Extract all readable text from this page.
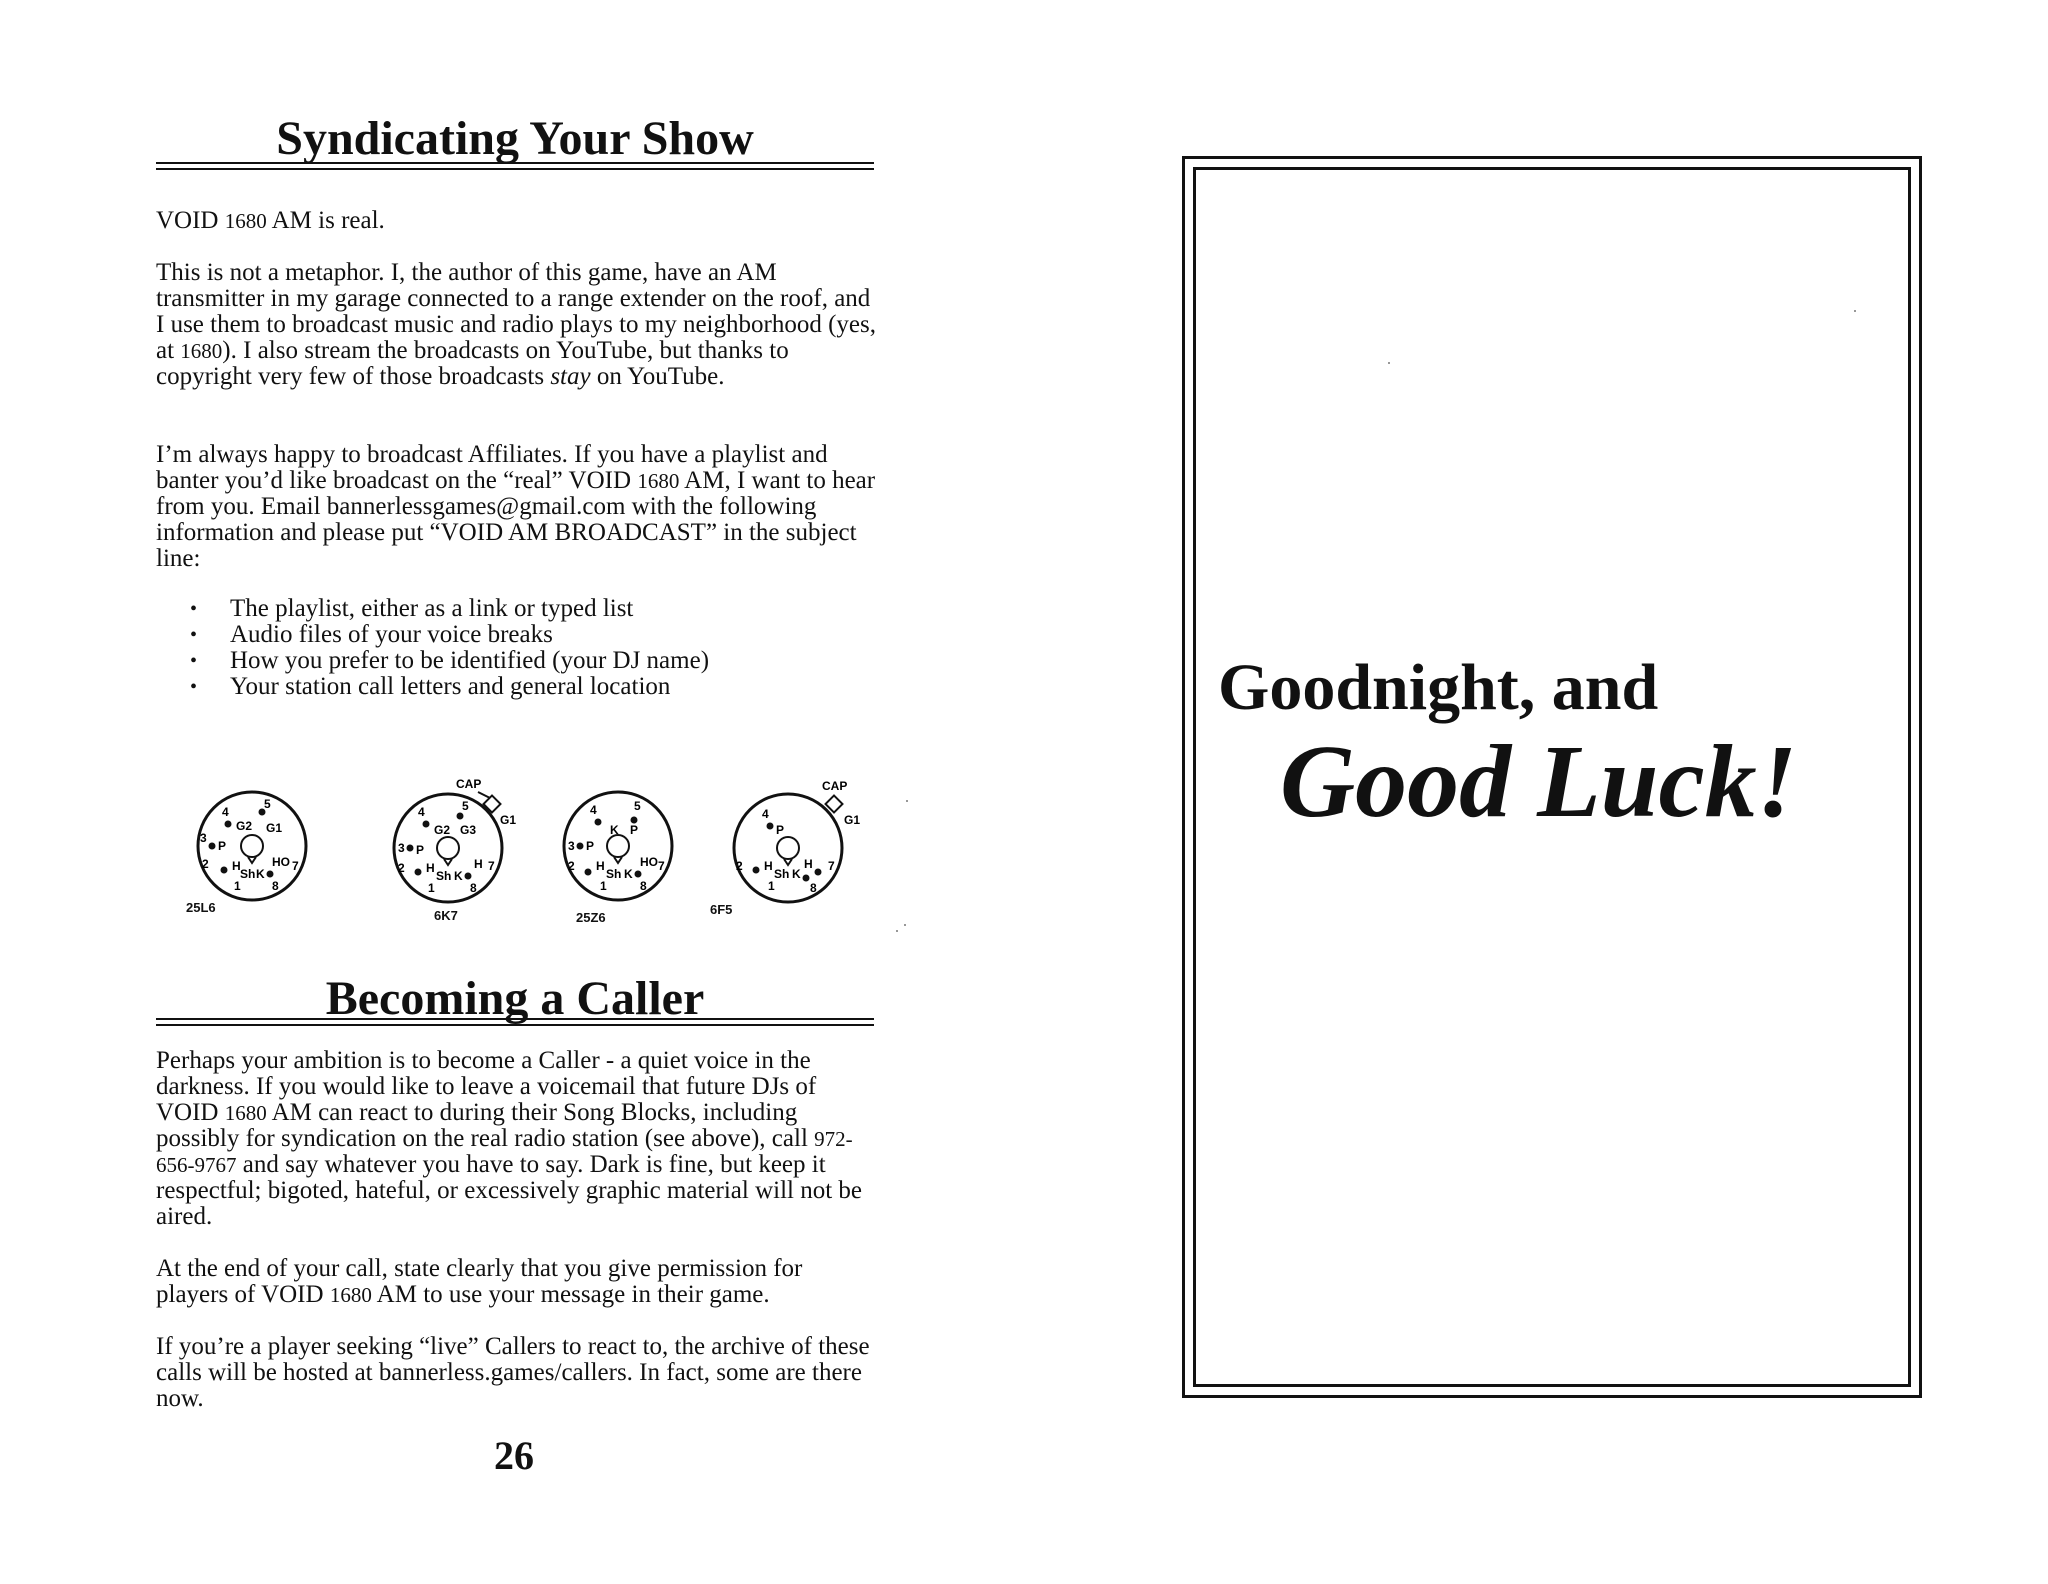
Syndicating Your Show

VOID 1680 AM is real.

This is not a metaphor. I, the author of this game, have an AM transmitter in my garage connected to a range extender on the roof, and I use them to broadcast music and radio plays to my neighborhood (yes, at 1680). I also stream the broadcasts on YouTube, but thanks to copyright very few of those broadcasts stay on YouTube.

I’m always happy to broadcast Affiliates. If you have a playlist and banter you’d like broadcast on the “real” VOID 1680 AM, I want to hear from you. Email bannerlessgames@gmail.com with the following information and please put “VOID AM BROADCAST” in the subject line:

• The playlist, either as a link or typed list
• Audio files of your voice breaks
• How you prefer to be identified (your DJ name)
• Your station call letters and general location
4
5
G2 G1
3
P
2 H	HO 7
Sh K
1	8
25L6
CAP
4	5
G2 G3
G1
3 P
2 H	H 7
Sh K
1	8
6K7
4	5
K P
3 P
2 H	HO 7
Sh K
1	8
25Z6
CAP
4
P
G1
2 H	H 7
Sh K
1	8
6F5
Becoming a Caller

Perhaps your ambition is to become a Caller - a quiet voice in the darkness. If you would like to leave a voicemail that future DJs of VOID 1680 AM can react to during their Song Blocks, including possibly for syndication on the real radio station (see above), call 972-656-9767 and say whatever you have to say. Dark is fine, but keep it respectful; bigoted, hateful, or excessively graphic material will not be aired.

At the end of your call, state clearly that you give permission for players of VOID 1680 AM to use your message in their game.

If you’re a player seeking “live” Callers to react to, the archive of these calls will be hosted at bannerless.games/callers. In fact, some are there now.

26

Goodnight, and

Good Luck!
